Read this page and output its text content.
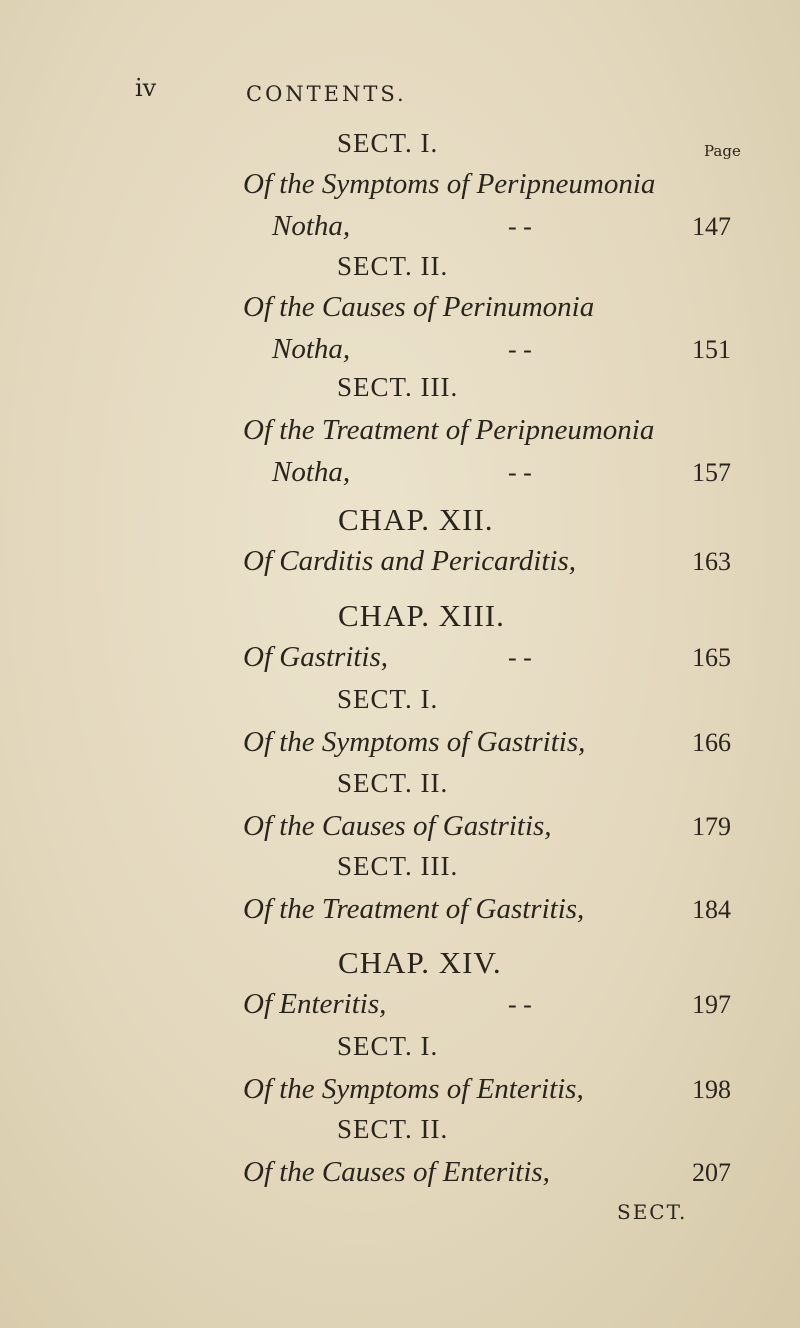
iv	CONTENTS.
Page
SECT. I.
Of the Symptoms of Peripneumonia
Notha,	- -	147
SECT. II.
Of the Causes of Perinumonia
Notha,	- -	151
SECT. III.
Of the Treatment of Peripneumonia
Notha,	- -	157
CHAP. XII.
Of Carditis and Pericarditis,	163
CHAP. XIII.
Of Gastritis,	- -	165
SECT. I.
Of the Symptoms of Gastritis,	166
SECT. II.
Of the Causes of Gastritis,	179
SECT. III.
Of the Treatment of Gastritis,	184
CHAP. XIV.
Of Enteritis,	- -	197
SECT. I.
Of the Symptoms of Enteritis,	198
SECT. II.
Of the Causes of Enteritis,	207
SECT.
